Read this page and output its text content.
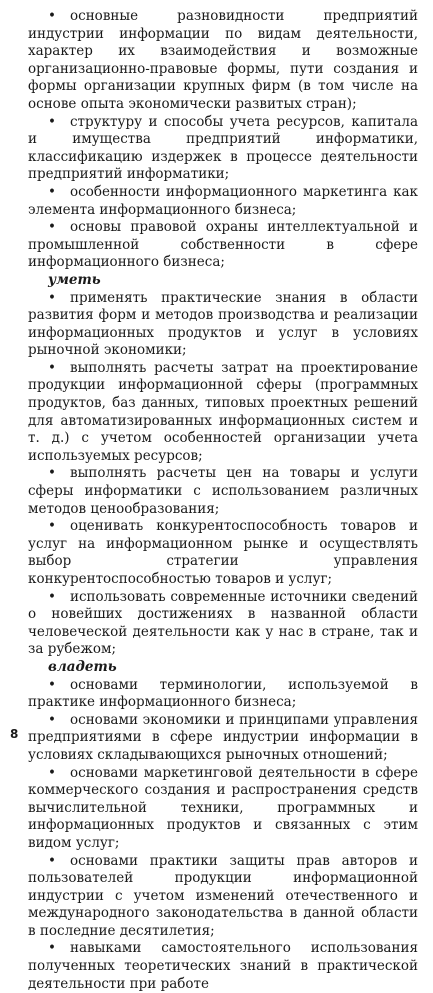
• основные разновидности предприятий индустрии информации по видам деятельности, характер их взаимодействия и возможные организационно-правовые формы, пути создания и формы организации крупных фирм (в том числе на основе опыта экономически развитых стран);

• структуру и способы учета ресурсов, капитала и имущества предприятий информатики, классификацию издержек в процессе деятельности предприятий информатики;

• особенности информационного маркетинга как элемента информационного бизнеса;

• основы правовой охраны интеллектуальной и промышленной собственности в сфере информационного бизнеса;

уметь

• применять практические знания в области развития форм и методов производства и реализации информационных продуктов и услуг в условиях рыночной экономики;

• выполнять расчеты затрат на проектирование продукции информационной сферы (программных продуктов, баз данных, типовых проектных решений для автоматизированных информационных систем и т. д.) с учетом особенностей организации учета используемых ресурсов;

• выполнять расчеты цен на товары и услуги сферы информатики с использованием различных методов ценообразования;

• оценивать конкурентоспособность товаров и услуг на информационном рынке и осуществлять выбор стратегии управления конкурентоспособностью товаров и услуг;

• использовать современные источники сведений о новейших достижениях в названной области человеческой деятельности как у нас в стране, так и за рубежом;

владеть

• основами терминологии, используемой в практике информационного бизнеса;

• основами экономики и принципами управления предприятиями в сфере индустрии информации в условиях складывающихся рыночных отношений;

• основами маркетинговой деятельности в сфере коммерческого создания и распространения средств вычислительной техники, программных и информационных продуктов и связанных с этим видом услуг;

• основами практики защиты прав авторов и пользователей продукции информационной индустрии с учетом изменений отечественного и международного законодательства в данной области в последние десятилетия;

• навыками самостоятельного использования полученных теоретических знаний в практической деятельности при работе

8
